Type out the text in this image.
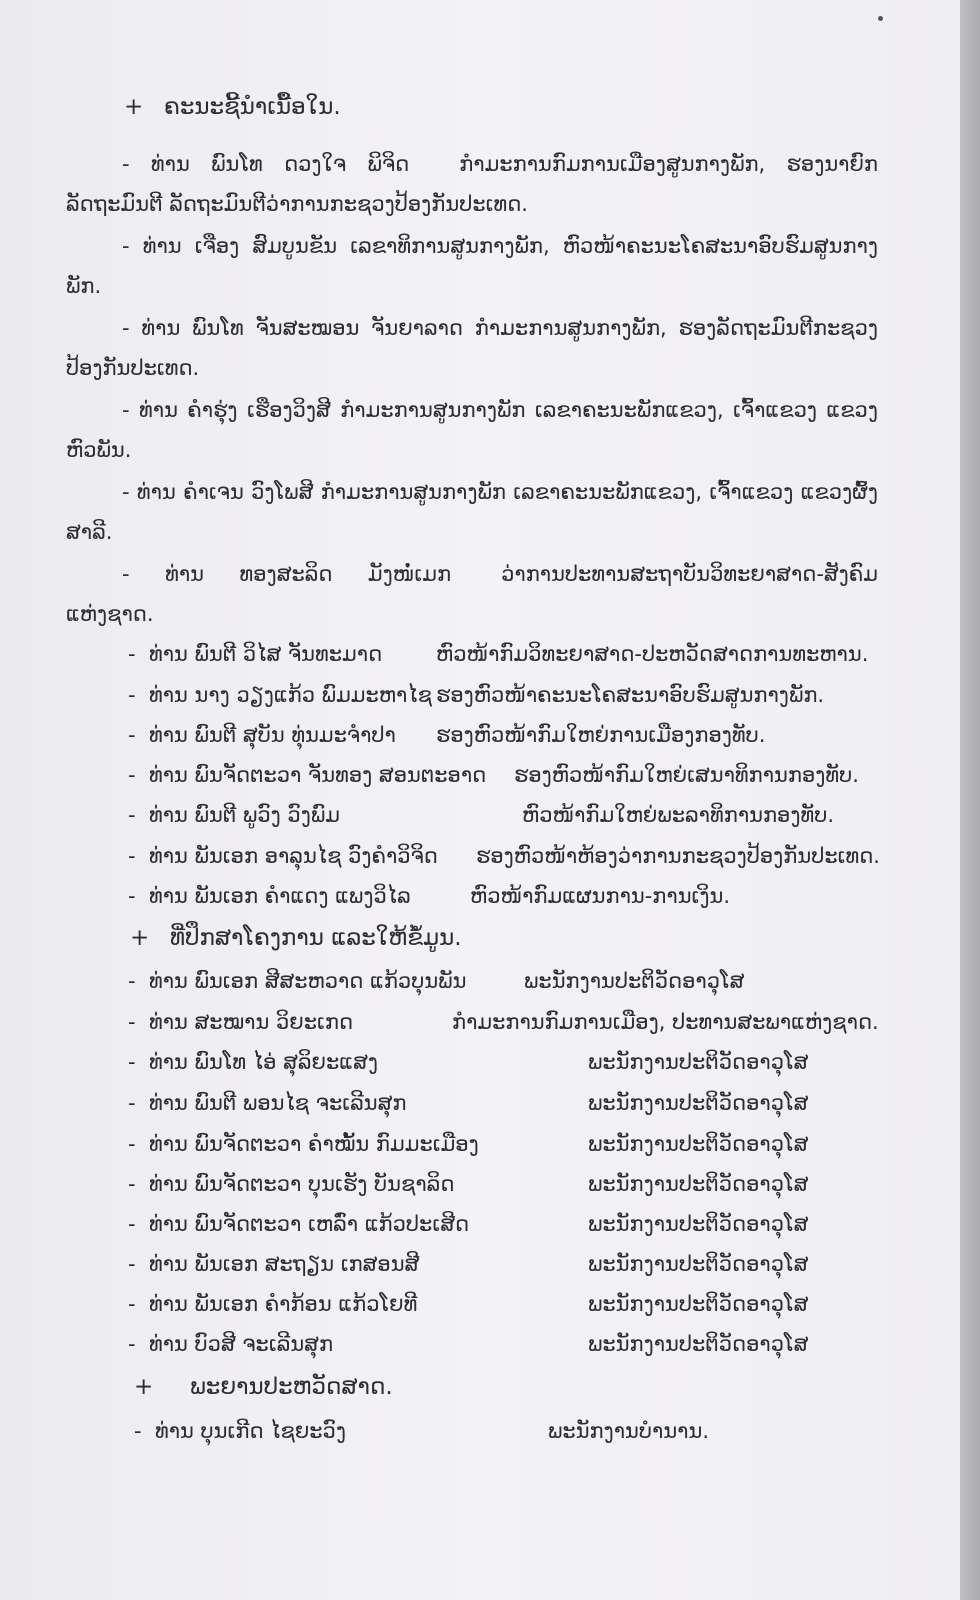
+ ຄະນະຊີ້ນຳເນື້ອໃນ.
- ທ່ານ ພົນໂທ ດວງໃຈ ພິຈິດ ກຳມະການກົມການເມືອງສູນກາງພັກ, ຮອງນາຍົກລັດຖະມົນຕີ ລັດຖະມົນຕີວ່າການກະຊວງປ້ອງກັນປະເທດ.
- ທ່ານ ເຈືອງ ສົມບູນຂັນ ເລຂາທິການສູນກາງພັກ, ຫົວໜ້າຄະນະໂຄສະນາອົບຮົມສູນກາງພັກ.
- ທ່ານ ພົນໂທ ຈັນສະໝອນ ຈັນຍາລາດ ກຳມະການສູນກາງພັກ, ຮອງລັດຖະມົນຕີກະຊວງປ້ອງກັນປະເທດ.
- ທ່ານ ຄຳຮຸ່ງ ເຮືອງວິງສີ ກຳມະການສູນກາງພັກ ເລຂາຄະນະພັກແຂວງ, ເຈົ້າແຂວງ ແຂວງຫົວພັນ.
- ທ່ານ ຄຳເຈນ ວົງໂພສີ ກຳມະການສູນກາງພັກ ເລຂາຄະນະພັກແຂວງ, ເຈົ້າແຂວງ ແຂວງຜົ້ງສາລີ.
- ທ່ານ ທອງສະລິດ ມັງໜໍ່ເມກ ວ່າການປະທານສະຖາບັນວິທະຍາສາດ-ສັງຄົມແຫ່ງຊາດ.
- ທ່ານ ພົນຕີ ວິໄສ ຈັນທະມາດ	ຫົວໜ້າກົມວິທະຍາສາດ-ປະຫວັດສາດການທະຫານ.
- ທ່ານ ນາງ ວຽງແກ້ວ ພົມມະຫາໄຊ ຮອງຫົວໜ້າຄະນະໂຄສະນາອົບຮົມສູນກາງພັກ.
- ທ່ານ ພົນຕີ ສຸບັນ ທຸ່ນມະຈຳປາ ຮອງຫົວໜ້າກົມໃຫຍ່ການເມືອງກອງທັບ.
- ທ່ານ ພົນຈັດຕະວາ ຈັນທອງ ສອນຕະອາດ ຮອງຫົວໜ້າກົມໃຫຍ່ເສນາທິການກອງທັບ.
- ທ່ານ ພົນຕີ ພູວົງ ວົງພົມ	ຫົວໜ້າກົມໃຫຍ່ພະລາທິການກອງທັບ.
- ທ່ານ ພັນເອກ ອາລຸນໄຊ ວົງຄຳວິຈິດ ຮອງຫົວໜ້າຫ້ອງວ່າການກະຊວງປ້ອງກັນປະເທດ.
- ທ່ານ ພັນເອກ ຄຳແດງ ແພງວິໄລ	ຫົວໜ້າກົມແຜນການ-ການເງິນ.
+ ທີ່ປຶກສາໂຄງການ ແລະໃຫ້ຂໍ້ມູນ.
- ທ່ານ ພົນເອກ ສີສະຫວາດ ແກ້ວບຸນພັນ	ພະນັກງານປະຕິວັດອາວຸໂສ
- ທ່ານ ສະໝານ ວິຍະເກດ	ກຳມະການກົມການເມືອງ, ປະທານສະພາແຫ່ງຊາດ.
- ທ່ານ ພົນໂທ ໄອ່ ສຸລິຍະແສງ	ພະນັກງານປະຕິວັດອາວຸໂສ
- ທ່ານ ພົນຕີ ພອນໄຊ ຈະເລີນສຸກ	ພະນັກງານປະຕິວັດອາວຸໂສ
- ທ່ານ ພົນຈັດຕະວາ ຄຳໝັ້ນ ກົມມະເມືອງ	ພະນັກງານປະຕິວັດອາວຸໂສ
- ທ່ານ ພົນຈັດຕະວາ ບຸນເຮັງ ບັນຊາລິດ	ພະນັກງານປະຕິວັດອາວຸໂສ
- ທ່ານ ພົນຈັດຕະວາ ເຫລົ່າ ແກ້ວປະເສີດ	ພະນັກງານປະຕິວັດອາວຸໂສ
- ທ່ານ ພັນເອກ ສະຖຽນ ເກສອນສີ	ພະນັກງານປະຕິວັດອາວຸໂສ
- ທ່ານ ພັນເອກ ຄຳກ້ອນ ແກ້ວໂຍທີ	ພະນັກງານປະຕິວັດອາວຸໂສ
- ທ່ານ ບົວສີ ຈະເລີນສຸກ	ພະນັກງານປະຕິວັດອາວຸໂສ
+ ພະຍານປະຫວັດສາດ.
- ທ່ານ ບຸນເກີດ ໄຊຍະວົງ	ພະນັກງານບຳນານ.
